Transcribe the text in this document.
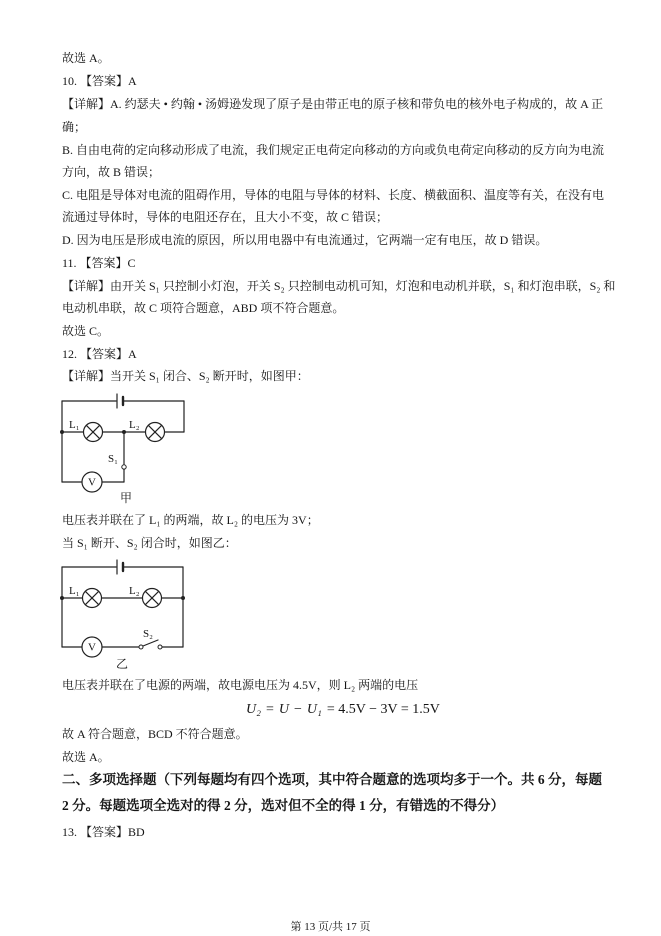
故选 A。
10. 【答案】A
【详解】A. 约瑟夫 • 约翰 • 汤姆逊发现了原子是由带正电的原子核和带负电的核外电子构成的，故 A 正
确；
B. 自由电荷的定向移动形成了电流，我们规定正电荷定向移动的方向或负电荷定向移动的反方向为电流
方向，故 B 错误；
C. 电阻是导体对电流的阻碍作用，导体的电阻与导体的材料、长度、横截面积、温度等有关，在没有电
流通过导体时，导体的电阻还存在，且大小不变，故 C 错误；
D. 因为电压是形成电流的原因，所以用电器中有电流通过，它两端一定有电压，故 D 错误。
11. 【答案】C
【详解】由开关 S₁ 只控制小灯泡，开关 S₂ 只控制电动机可知，灯泡和电动机并联，S₁ 和灯泡串联，S₂ 和
电动机串联，故 C 项符合题意，ABD 项不符合题意。
故选 C。
12. 【答案】A
【详解】当开关 S₁ 闭合、S₂ 断开时，如图甲：
V
L₁	L₂
S₁
甲
电压表并联在了 L₁ 的两端，故 L₂ 的电压为 3V；
当 S₁ 断开、S₂ 闭合时，如图乙：
V
L₁	L₂
S₂
乙
电压表并联在了电源的两端，故电源电压为 4.5V，则 L₂ 两端的电压
U₂ = U − U₁ = 4.5V − 3V = 1.5V
故 A 符合题意，BCD 不符合题意。
故选 A。
二、多项选择题（下列每题均有四个选项，其中符合题意的选项均多于一个。共 6 分，每题
2 分。每题选项全选对的得 2 分，选对但不全的得 1 分，有错选的不得分）
13. 【答案】BD
第 13 页/共 17 页
